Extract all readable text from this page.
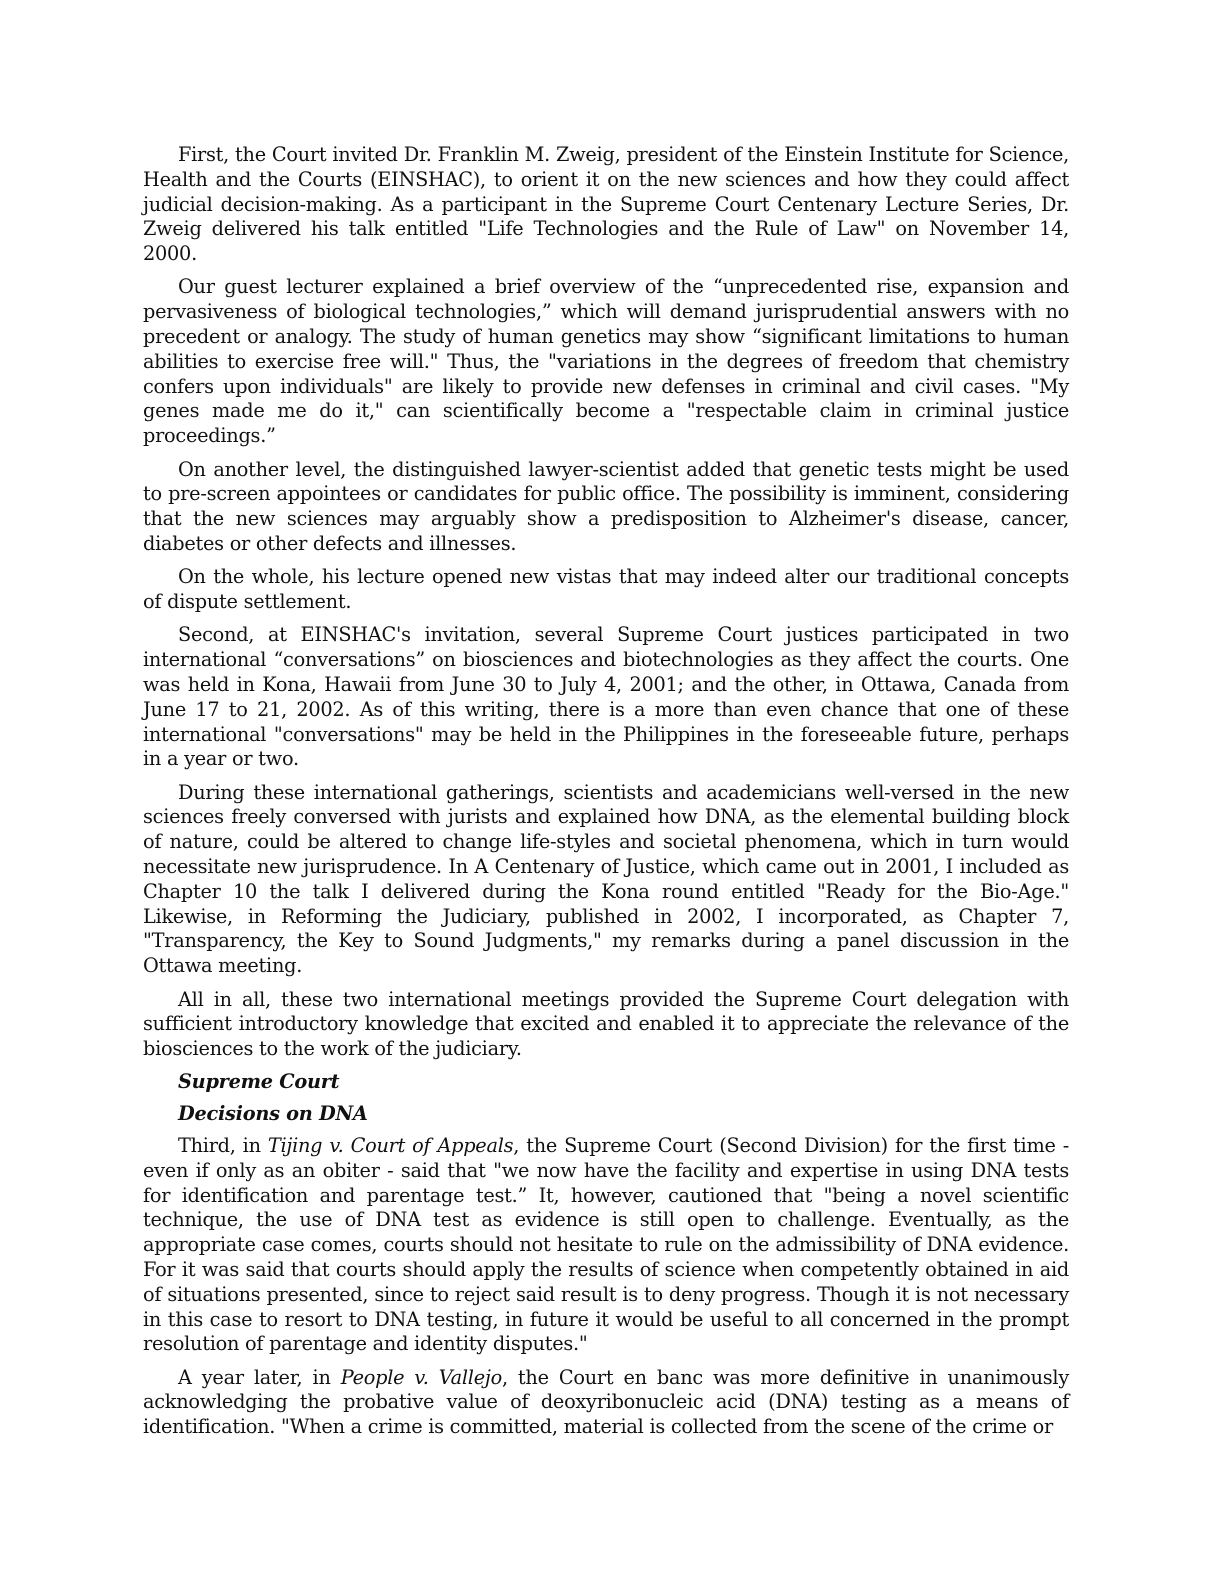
First, the Court invited Dr. Franklin M. Zweig, president of the Einstein Institute for Science, Health and the Courts (EINSHAC), to orient it on the new sciences and how they could affect judicial decision-making. As a participant in the Supreme Court Centenary Lecture Series, Dr. Zweig delivered his talk entitled "Life Technologies and the Rule of Law" on November 14, 2000.

Our guest lecturer explained a brief overview of the “unprecedented rise, expansion and pervasiveness of biological technologies,” which will demand jurisprudential answers with no precedent or analogy. The study of human genetics may show “significant limitations to human abilities to exercise free will." Thus, the "variations in the degrees of freedom that chemistry confers upon individuals" are likely to provide new defenses in criminal and civil cases. "My genes made me do it," can scientifically become a "respectable claim in criminal justice proceedings.”

On another level, the distinguished lawyer-scientist added that genetic tests might be used to pre-screen appointees or candidates for public office. The possibility is imminent, considering that the new sciences may arguably show a predisposition to Alzheimer's disease, cancer, diabetes or other defects and illnesses.

On the whole, his lecture opened new vistas that may indeed alter our traditional concepts of dispute settlement.

Second, at EINSHAC's invitation, several Supreme Court justices participated in two international “conversations” on biosciences and biotechnologies as they affect the courts. One was held in Kona, Hawaii from June 30 to July 4, 2001; and the other, in Ottawa, Canada from June 17 to 21, 2002. As of this writing, there is a more than even chance that one of these international "conversations" may be held in the Philippines in the foreseeable future, perhaps in a year or two.

During these international gatherings, scientists and academicians well-versed in the new sciences freely conversed with jurists and explained how DNA, as the elemental building block of nature, could be altered to change life-styles and societal phenomena, which in turn would necessitate new jurisprudence. In A Centenary of Justice, which came out in 2001, I included as Chapter 10 the talk I delivered during the Kona round entitled "Ready for the Bio-Age." Likewise, in Reforming the Judiciary, published in 2002, I incorporated, as Chapter 7, "Transparency, the Key to Sound Judgments," my remarks during a panel discussion in the Ottawa meeting.

All in all, these two international meetings provided the Supreme Court delegation with sufficient introductory knowledge that excited and enabled it to appreciate the relevance of the biosciences to the work of the judiciary.

Supreme Court

Decisions on DNA

Third, in Tijing v. Court of Appeals, the Supreme Court (Second Division) for the first time - even if only as an obiter - said that "we now have the facility and expertise in using DNA tests for identification and parentage test.” It, however, cautioned that "being a novel scientific technique, the use of DNA test as evidence is still open to challenge. Eventually, as the appropriate case comes, courts should not hesitate to rule on the admissibility of DNA evidence. For it was said that courts should apply the results of science when competently obtained in aid of situations presented, since to reject said result is to deny progress. Though it is not necessary in this case to resort to DNA testing, in future it would be useful to all concerned in the prompt resolution of parentage and identity disputes."

A year later, in People v. Vallejo, the Court en banc was more definitive in unanimously acknowledging the probative value of deoxyribonucleic acid (DNA) testing as a means of identification. "When a crime is committed, material is collected from the scene of the crime or
